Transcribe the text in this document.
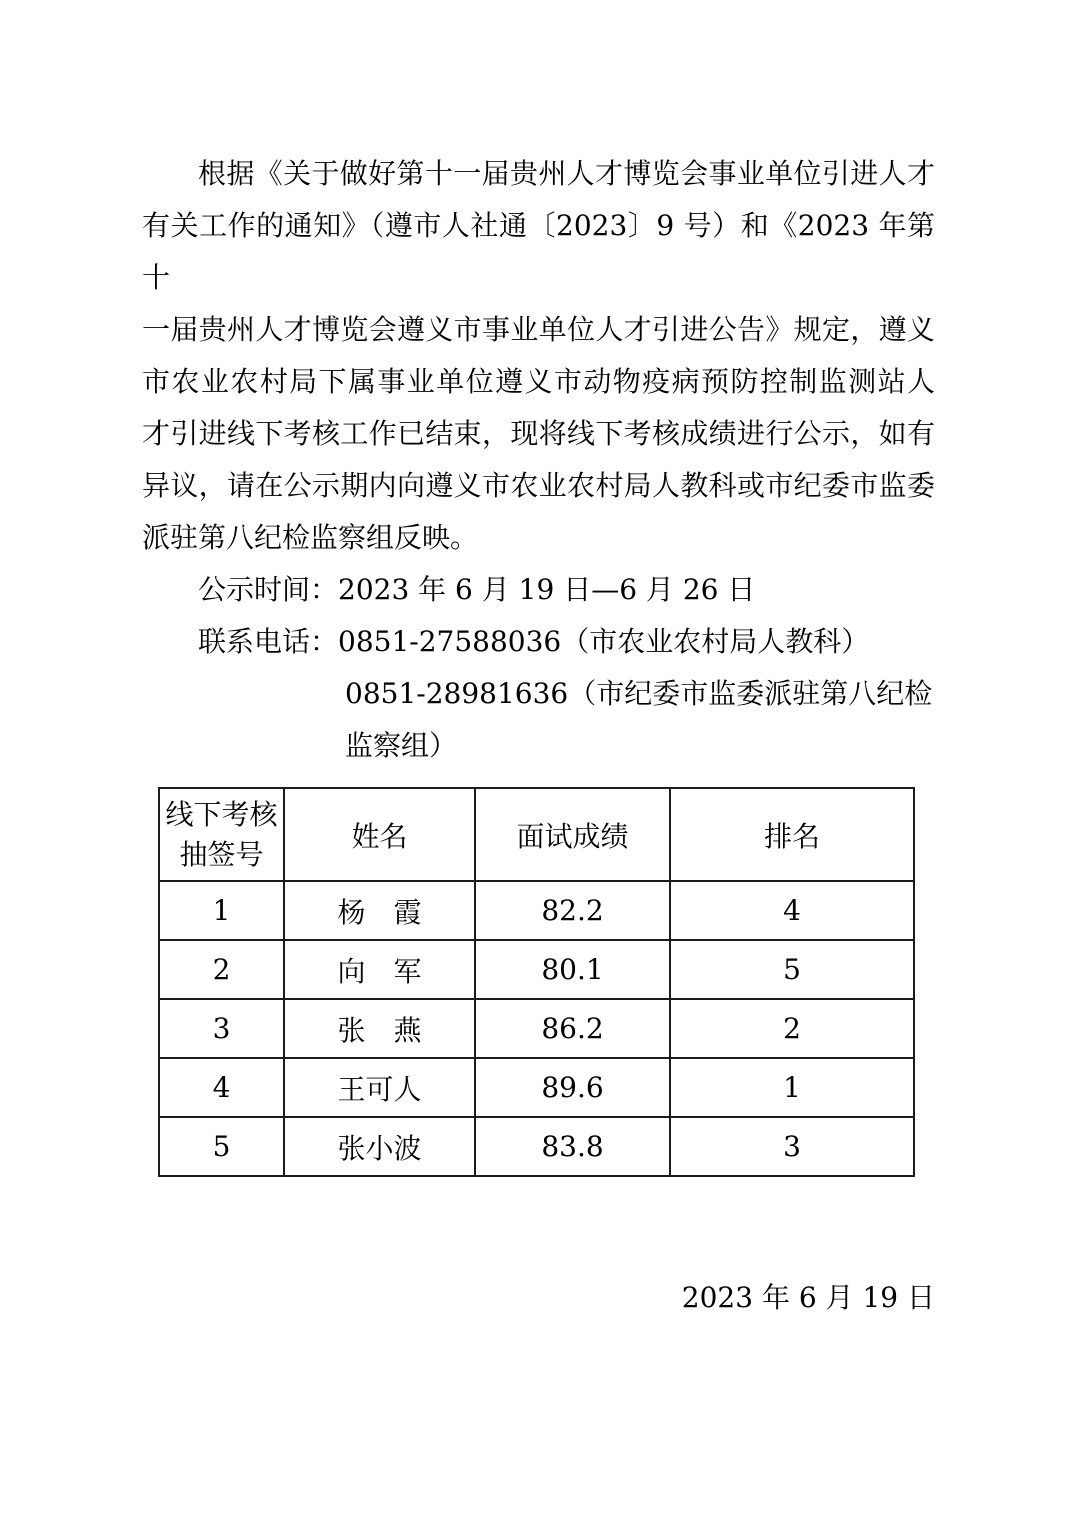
根据《关于做好第十一届贵州人才博览会事业单位引进人才
有关工作的通知》（遵市人社通〔2023〕9 号）和《2023 年第十
一届贵州人才博览会遵义市事业单位人才引进公告》规定，遵义
市农业农村局下属事业单位遵义市动物疫病预防控制监测站人
才引进线下考核工作已结束，现将线下考核成绩进行公示，如有
异议，请在公示期内向遵义市农业农村局人教科或市纪委市监委
派驻第八纪检监察组反映。
公示时间：2023 年 6 月 19 日—6 月 26 日
联系电话：0851-27588036（市农业农村局人教科）
0851-28981636（市纪委市监委派驻第八纪检监察组）
线下考核
抽签号	姓名	面试成绩	排名
1	杨　霞	82.2	4
2	向　军	80.1	5
3	张　燕	86.2	2
4	王可人	89.6	1
5	张小波	83.8	3
2023 年 6 月 19 日
